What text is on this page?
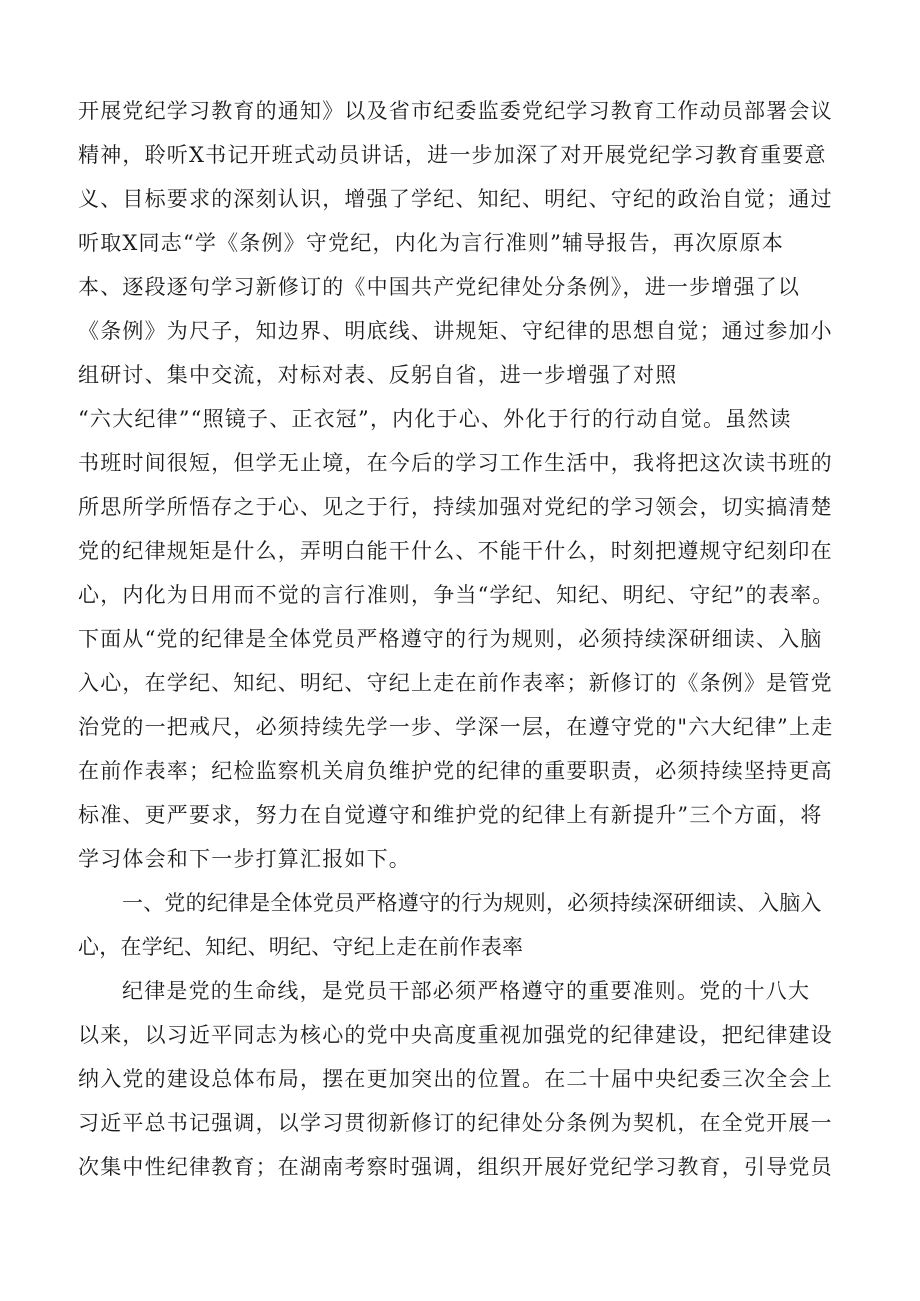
开展党纪学习教育的通知》以及省市纪委监委党纪学习教育工作动员部署会议
精神，聆听X书记开班式动员讲话，进一步加深了对开展党纪学习教育重要意
义、目标要求的深刻认识，增强了学纪、知纪、明纪、守纪的政治自觉；通过
听取X同志“学《条例》守党纪，内化为言行准则”辅导报告，再次原原本
本、逐段逐句学习新修订的《中国共产党纪律处分条例》，进一步增强了以
《条例》为尺子，知边界、明底线、讲规矩、守纪律的思想自觉；通过参加小
组研讨、集中交流，对标对表、反躬自省，进一步增强了对照
“六大纪律”“照镜子、正衣冠”，内化于心、外化于行的行动自觉。虽然读
书班时间很短，但学无止境，在今后的学习工作生活中，我将把这次读书班的
所思所学所悟存之于心、见之于行，持续加强对党纪的学习领会，切实搞清楚
党的纪律规矩是什么，弄明白能干什么、不能干什么，时刻把遵规守纪刻印在
心，内化为日用而不觉的言行准则，争当“学纪、知纪、明纪、守纪”的表率。
下面从“党的纪律是全体党员严格遵守的行为规则，必须持续深研细读、入脑
入心，在学纪、知纪、明纪、守纪上走在前作表率；新修订的《条例》是管党
治党的一把戒尺，必须持续先学一步、学深一层，在遵守党的"六大纪律”上走
在前作表率；纪检监察机关肩负维护党的纪律的重要职责，必须持续坚持更高
标准、更严要求，努力在自觉遵守和维护党的纪律上有新提升”三个方面，将
学习体会和下一步打算汇报如下。
一、党的纪律是全体党员严格遵守的行为规则，必须持续深研细读、入脑入
心，在学纪、知纪、明纪、守纪上走在前作表率
纪律是党的生命线，是党员干部必须严格遵守的重要准则。党的十八大
以来，以习近平同志为核心的党中央高度重视加强党的纪律建设，把纪律建设
纳入党的建设总体布局，摆在更加突出的位置。在二十届中央纪委三次全会上
习近平总书记强调，以学习贯彻新修订的纪律处分条例为契机，在全党开展一
次集中性纪律教育；在湖南考察时强调，组织开展好党纪学习教育，引导党员
